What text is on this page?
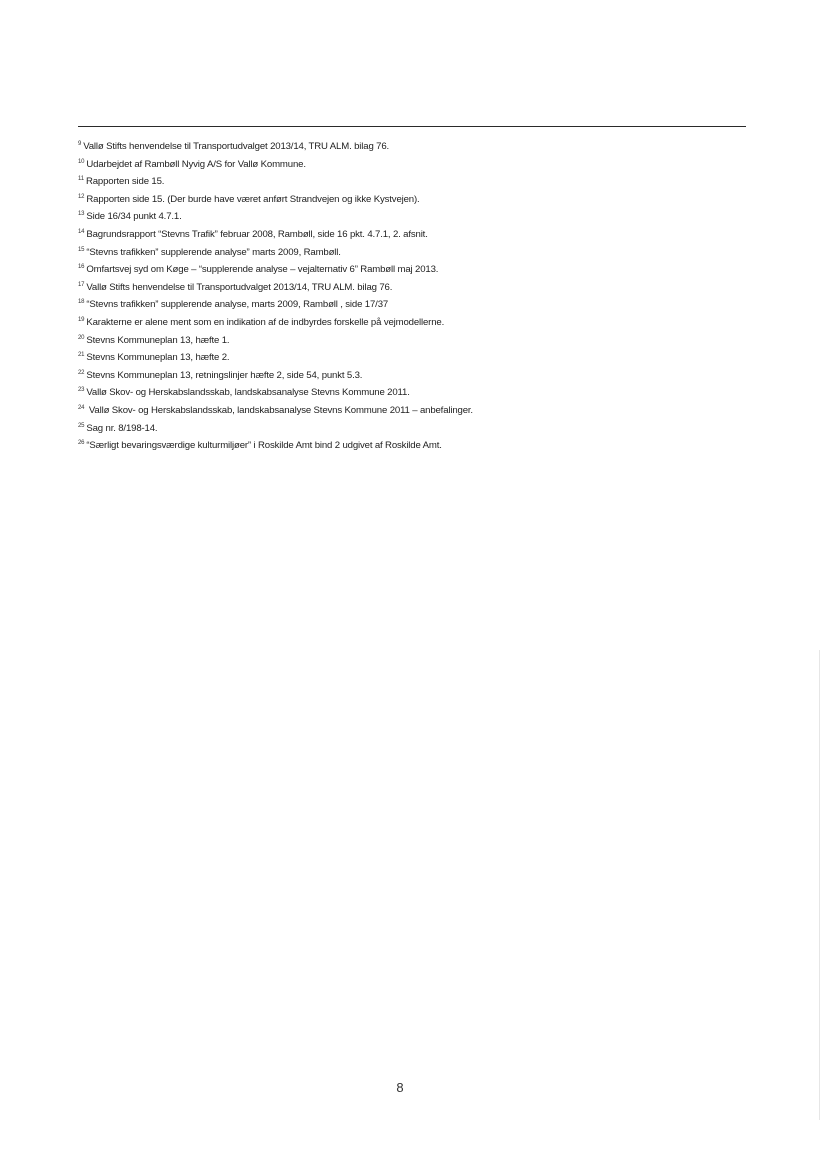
$^9$ Vallø Stifts henvendelse til Transportudvalget 2013/14, TRU ALM. bilag 76.
$^{10}$ Udarbejdet af Rambøll Nyvig A/S for Vallø Kommune.
$^{11}$ Rapporten side 15.
$^{12}$ Rapporten side 15. (Der burde have været anført Strandvejen og ikke Kystvejen).
$^{13}$ Side 16/34 punkt 4.7.1.
$^{14}$ Bagrundsrapport “Stevns Trafik” februar 2008, Rambøll, side 16 pkt. 4.7.1, 2. afsnit.
$^{15}$ “Stevns trafikken” supplerende analyse” marts 2009, Rambøll.
$^{16}$ Omfartsvej syd om Køge – “supplerende analyse – vejalternativ 6” Rambøll maj 2013.
$^{17}$ Vallø Stifts henvendelse til Transportudvalget 2013/14, TRU ALM. bilag 76.
$^{18}$ “Stevns trafikken” supplerende analyse, marts 2009, Rambøll , side 17/37
$^{19}$ Karakterne er alene ment som en indikation af de indbyrdes forskelle på vejmodellerne.
$^{20}$ Stevns Kommuneplan 13, hæfte 1.
$^{21}$ Stevns Kommuneplan 13, hæfte 2.
$^{22}$ Stevns Kommuneplan 13, retningslinjer hæfte 2, side 54, punkt 5.3.
$^{23}$ Vallø Skov- og Herskabslandsskab, landskabsanalyse Stevns Kommune 2011.
$^{24}$ Vallø Skov- og Herskabslandsskab, landskabsanalyse Stevns Kommune 2011 – anbefalinger.
$^{25}$ Sag nr. 8/198-14.
$^{26}$ “Særligt bevaringsværdige kulturmiljøer” i Roskilde Amt bind 2 udgivet af Roskilde Amt.
8
